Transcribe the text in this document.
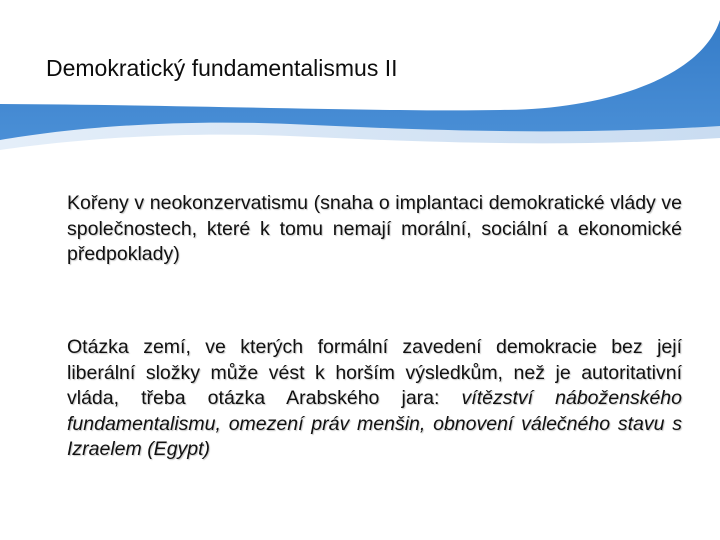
Demokratický fundamentalismus II

Kořeny v neokonzervatismu (snaha o implantaci demokratické vlády ve společnostech, které k tomu nemají morální, sociální a ekonomické předpoklady)

Otázka zemí, ve kterých formální zavedení demokracie bez její liberální složky může vést k horším výsledkům, než je autoritativní vláda, třeba otázka Arabského jara: vítězství náboženského fundamentalismu, omezení práv menšin, obnovení válečného stavu s Izraelem (Egypt)
